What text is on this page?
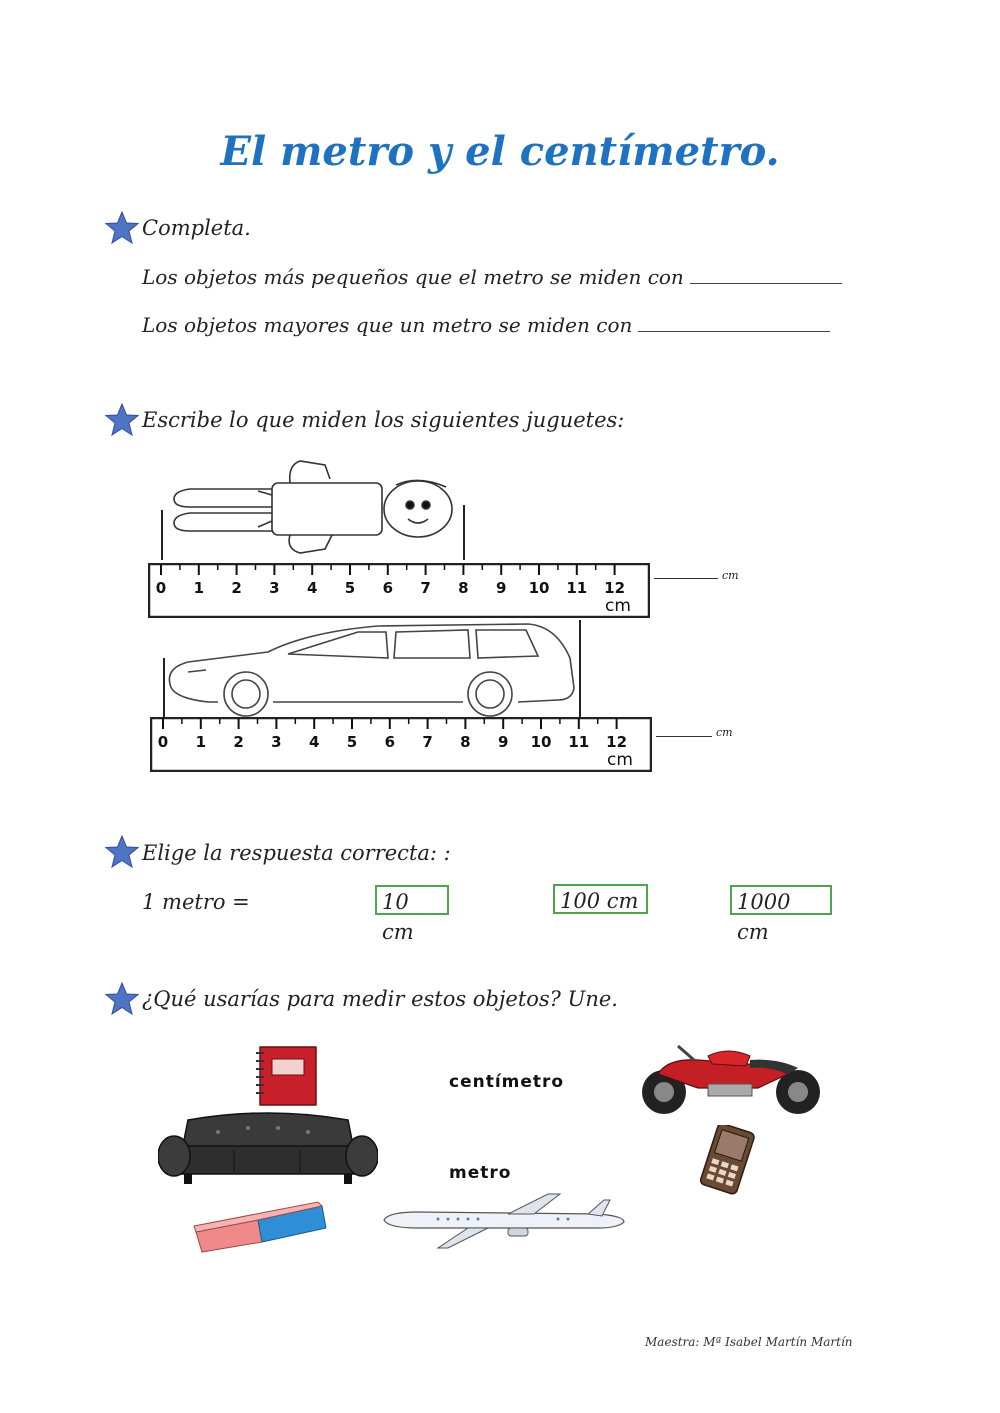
El metro y el centímetro.
Completa.
Los objetos más pequeños que el metro se miden con
Los objetos mayores que un metro se miden con
Escribe lo que miden los siguientes juguetes:
0 1 2 3 4 5 6 7 8 9 10 11 12
cm
cm
0 1 2 3 4 5 6 7 8 9 10 11 12
cm
cm
Elige la respuesta correcta: :
1 metro =	10 cm
100 cm	1000 cm
¿Qué usarías para medir estos objetos? Une.
centímetro
metro
Maestra: Mª Isabel Martín Martín
